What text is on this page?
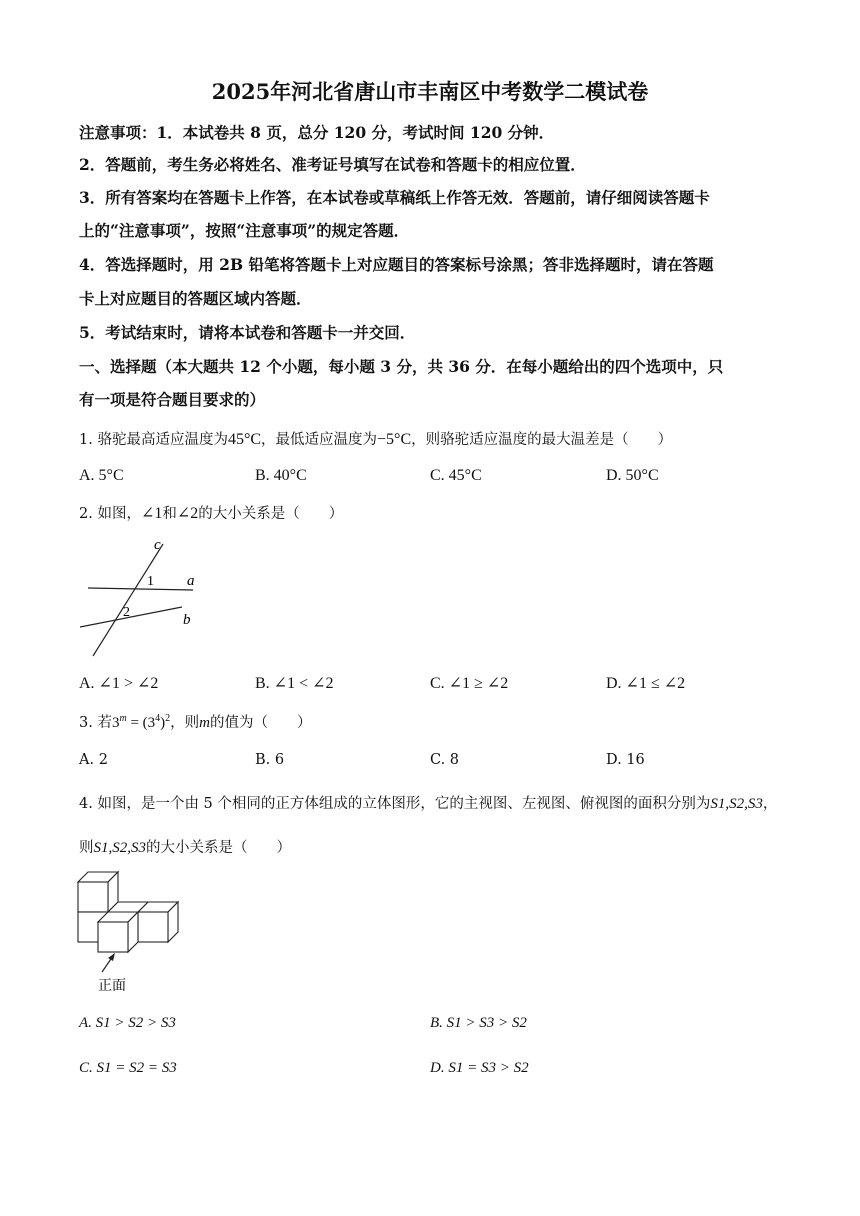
2025年河北省唐山市丰南区中考数学二模试卷
注意事项：1．本试卷共 8 页，总分 120 分，考试时间 120 分钟．
2．答题前，考生务必将姓名、准考证号填写在试卷和答题卡的相应位置．
3．所有答案均在答题卡上作答，在本试卷或草稿纸上作答无效．答题前，请仔细阅读答题卡
上的“注意事项”，按照“注意事项”的规定答题．
4．答选择题时，用 2B 铅笔将答题卡上对应题目的答案标号涂黑；答非选择题时，请在答题
卡上对应题目的答题区域内答题．
5．考试结束时，请将本试卷和答题卡一并交回．
一、选择题（本大题共 12 个小题，每小题 3 分，共 36 分．在每小题给出的四个选项中，只
有一项是符合题目要求的）
1. 骆驼最高适应温度为45°C，最低适应温度为−5°C，则骆驼适应温度的最大温差是（　　）
A. 5°C	B. 40°C	C. 45°C	D. 50°C
2. 如图，∠1和∠2的大小关系是（　　）
c
a
b
1
2
A. ∠1 > ∠2	B. ∠1 < ∠2	C. ∠1 ≥ ∠2	D. ∠1 ≤ ∠2
3. 若$3^m = (3^4)^2$，则m的值为（　　）
A. 2	B. 6	C. 8	D. 16
4. 如图，是一个由 5 个相同的正方体组成的立体图形，它的主视图、左视图、俯视图的面积分别为S1,S2,S3，
则S1,S2,S3的大小关系是（　　）
正面
A. S1 > S2 > S3	B. S1 > S3 > S2
C. S1 = S2 = S3	D. S1 = S3 > S2
